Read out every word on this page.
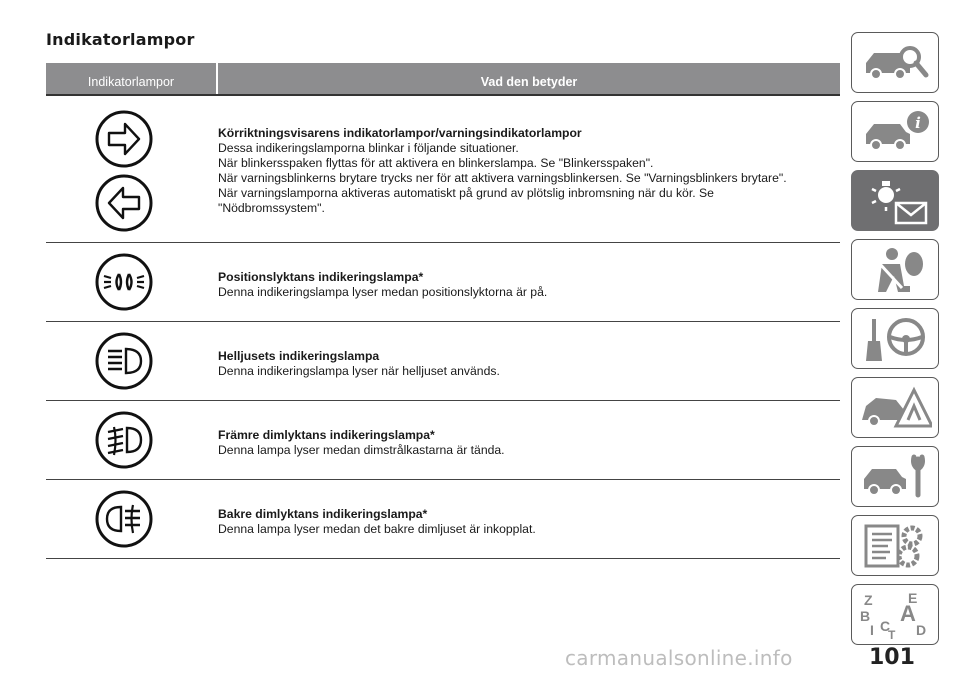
Indikatorlampor
Indikatorlampor	Vad den betyder
Körriktningsvisarens indikatorlampor/varningsindikatorlampor
Dessa indikeringslamporna blinkar i följande situationer.
När blinkersspaken flyttas för att aktivera en blinkerslampa. Se "Blinkersspaken".
När varningsblinkerns brytare trycks ner för att aktivera varningsblinkersen. Se "Varningsblinkers brytare".
När varningslamporna aktiveras automatiskt på grund av plötslig inbromsning när du kör. Se
"Nödbromssystem".
Positionslyktans indikeringslampa*
Denna indikeringslampa lyser medan positionslyktorna är på.
Helljusets indikeringslampa
Denna indikeringslampa lyser när helljuset används.
Främre dimlyktans indikeringslampa*
Denna lampa lyser medan dimstrålkastarna är tända.
Bakre dimlyktans indikeringslampa*
Denna lampa lyser medan det bakre dimljuset är inkopplat.
i
Z	E
B A
C D
I T
carmanualsonline.info	101
